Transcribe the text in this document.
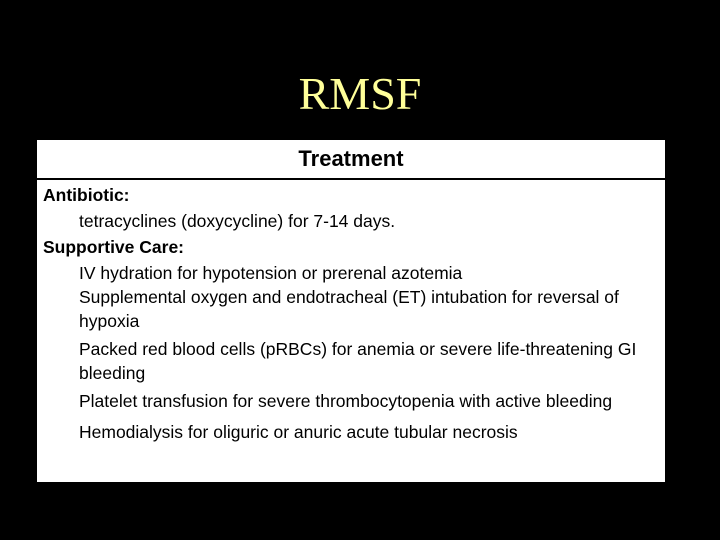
RMSF
Treatment
Antibiotic:
tetracyclines (doxycycline) for 7-14 days.
Supportive Care:
IV hydration for hypotension or prerenal azotemia
Supplemental oxygen and endotracheal (ET) intubation for reversal of hypoxia
Packed red blood cells (pRBCs) for anemia or severe life-threatening GI bleeding
Platelet transfusion for severe thrombocytopenia with active bleeding
Hemodialysis for oliguric or anuric acute tubular necrosis
